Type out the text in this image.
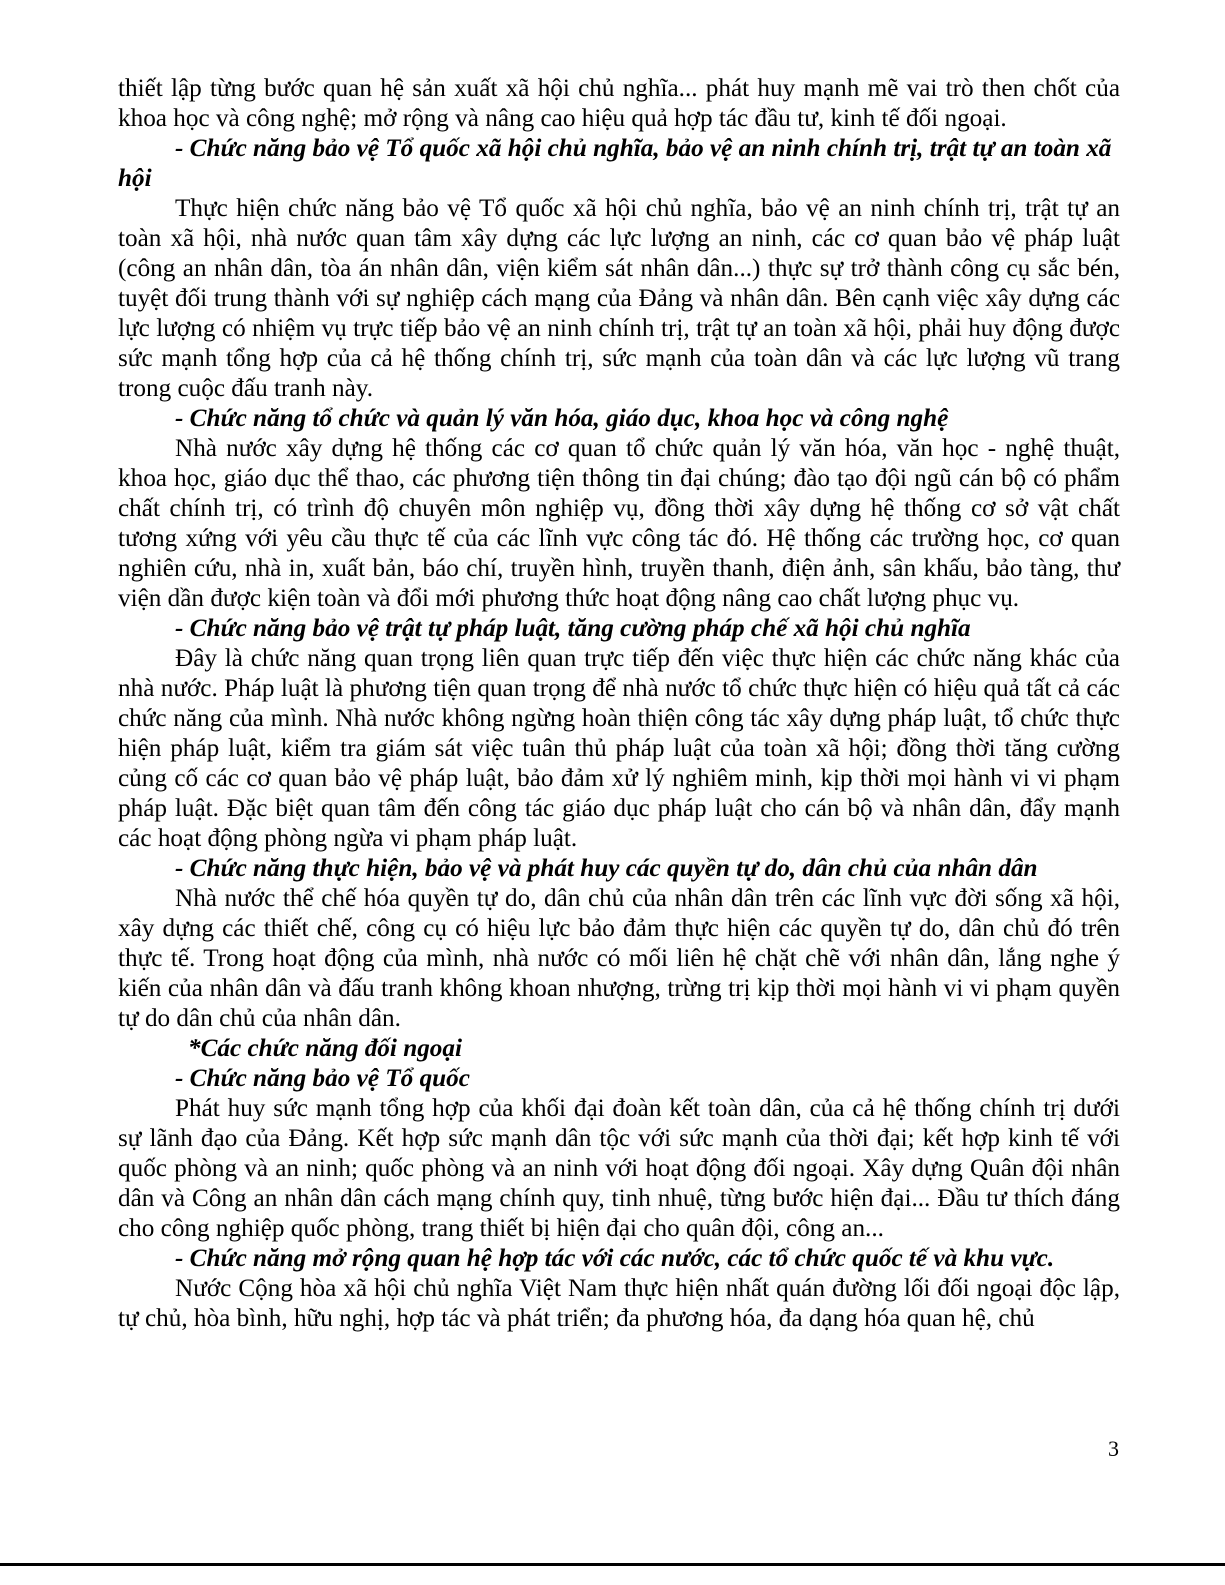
thiết lập từng bước quan hệ sản xuất xã hội chủ nghĩa... phát huy mạnh mẽ vai trò then chốt của khoa học và công nghệ; mở rộng và nâng cao hiệu quả hợp tác đầu tư, kinh tế đối ngoại.

- Chức năng bảo vệ Tổ quốc xã hội chủ nghĩa, bảo vệ an ninh chính trị, trật tự an toàn xã hội

Thực hiện chức năng bảo vệ Tổ quốc xã hội chủ nghĩa, bảo vệ an ninh chính trị, trật tự an toàn xã hội, nhà nước quan tâm xây dựng các lực lượng an ninh, các cơ quan bảo vệ pháp luật (công an nhân dân, tòa án nhân dân, viện kiểm sát nhân dân...) thực sự trở thành công cụ sắc bén, tuyệt đối trung thành với sự nghiệp cách mạng của Đảng và nhân dân. Bên cạnh việc xây dựng các lực lượng có nhiệm vụ trực tiếp bảo vệ an ninh chính trị, trật tự an toàn xã hội, phải huy động được sức mạnh tổng hợp của cả hệ thống chính trị, sức mạnh của toàn dân và các lực lượng vũ trang trong cuộc đấu tranh này.

- Chức năng tổ chức và quản lý văn hóa, giáo dục, khoa học và công nghệ

Nhà nước xây dựng hệ thống các cơ quan tổ chức quản lý văn hóa, văn học - nghệ thuật, khoa học, giáo dục thể thao, các phương tiện thông tin đại chúng; đào tạo đội ngũ cán bộ có phẩm chất chính trị, có trình độ chuyên môn nghiệp vụ, đồng thời xây dựng hệ thống cơ sở vật chất tương xứng với yêu cầu thực tế của các lĩnh vực công tác đó. Hệ thống các trường học, cơ quan nghiên cứu, nhà in, xuất bản, báo chí, truyền hình, truyền thanh, điện ảnh, sân khấu, bảo tàng, thư viện dần được kiện toàn và đổi mới phương thức hoạt động nâng cao chất lượng phục vụ.

- Chức năng bảo vệ trật tự pháp luật, tăng cường pháp chế xã hội chủ nghĩa

Đây là chức năng quan trọng liên quan trực tiếp đến việc thực hiện các chức năng khác của nhà nước. Pháp luật là phương tiện quan trọng để nhà nước tổ chức thực hiện có hiệu quả tất cả các chức năng của mình. Nhà nước không ngừng hoàn thiện công tác xây dựng pháp luật, tổ chức thực hiện pháp luật, kiểm tra giám sát việc tuân thủ pháp luật của toàn xã hội; đồng thời tăng cường củng cố các cơ quan bảo vệ pháp luật, bảo đảm xử lý nghiêm minh, kịp thời mọi hành vi vi phạm pháp luật. Đặc biệt quan tâm đến công tác giáo dục pháp luật cho cán bộ và nhân dân, đẩy mạnh các hoạt động phòng ngừa vi phạm pháp luật.

- Chức năng thực hiện, bảo vệ và phát huy các quyền tự do, dân chủ của nhân dân

Nhà nước thể chế hóa quyền tự do, dân chủ của nhân dân trên các lĩnh vực đời sống xã hội, xây dựng các thiết chế, công cụ có hiệu lực bảo đảm thực hiện các quyền tự do, dân chủ đó trên thực tế. Trong hoạt động của mình, nhà nước có mối liên hệ chặt chẽ với nhân dân, lắng nghe ý kiến của nhân dân và đấu tranh không khoan nhượng, trừng trị kịp thời mọi hành vi vi phạm quyền tự do dân chủ của nhân dân.

*Các chức năng đối ngoại

- Chức năng bảo vệ Tổ quốc

Phát huy sức mạnh tổng hợp của khối đại đoàn kết toàn dân, của cả hệ thống chính trị dưới sự lãnh đạo của Đảng. Kết hợp sức mạnh dân tộc với sức mạnh của thời đại; kết hợp kinh tế với quốc phòng và an ninh; quốc phòng và an ninh với hoạt động đối ngoại. Xây dựng Quân đội nhân dân và Công an nhân dân cách mạng chính quy, tinh nhuệ, từng bước hiện đại... Đầu tư thích đáng cho công nghiệp quốc phòng, trang thiết bị hiện đại cho quân đội, công an...

- Chức năng mở rộng quan hệ hợp tác với các nước, các tổ chức quốc tế và khu vực.

Nước Cộng hòa xã hội chủ nghĩa Việt Nam thực hiện nhất quán đường lối đối ngoại độc lập, tự chủ, hòa bình, hữu nghị, hợp tác và phát triển; đa phương hóa, đa dạng hóa quan hệ, chủ

3
